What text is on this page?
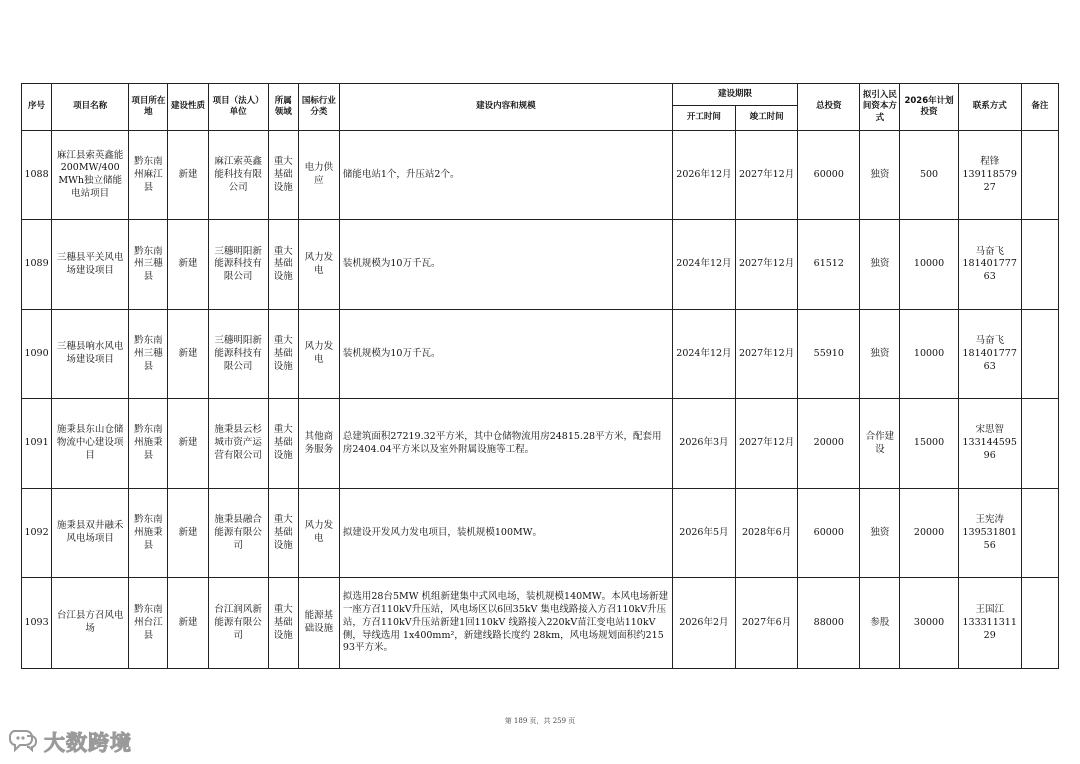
序号	项目名称	项目所在地	建设性质	项目（法人）单位	所属领域	国标行业分类	建设内容和规模	建设期限		总投资	拟引入民间资本方式	2026年计划投资	联系方式	备注
								开工时间	竣工时间					
1088	麻江县索英鑫能200MW/400MWh独立储能电站项目	黔东南州麻江县	新建	麻江索英鑫能科技有限公司	重大基础设施	电力供应	储能电站1个，升压站2个。	2026年12月	2027年12月	60000	独资	500	程锋
13911857927	

1089	三穗县平关风电场建设项目	黔东南州三穗县	新建	三穗明阳新能源科技有限公司	重大基础设施	风力发电	装机规模为10万千瓦。	2024年12月	2027年12月	61512	独资	10000	马奋飞
18140177763	

1090	三穗县响水风电场建设项目	黔东南州三穗县	新建	三穗明阳新能源科技有限公司	重大基础设施	风力发电	装机规模为10万千瓦。	2024年12月	2027年12月	55910	独资	10000	马奋飞
18140177763	

1091	施秉县东山仓储物流中心建设项目	黔东南州施秉县	新建	施秉县云杉城市资产运营有限公司	重大基础设施	其他商务服务	总建筑面积27219.32平方米，其中仓储物流用房24815.28平方米，配套用房2404.04平方米以及室外附属设施等工程。	2026年3月	2027年12月	20000	合作建设	15000	宋思智
13314459596	

1092	施秉县双井融禾风电场项目	黔东南州施秉县	新建	施秉县融合能源有限公司	重大基础设施	风力发电	拟建设开发风力发电项目，装机规模100MW。	2026年5月	2028年6月	60000	独资	20000	王宪涛
13953180156	

1093	台江县方召风电场	黔东南州台江县	新建	台江润风新能源有限公司	重大基础设施	能源基础设施	拟选用28台5MW 机组新建集中式风电场，装机规模140MW。本风电场新建一座方召110kV升压站，风电场区以6回35kV 集电线路接入方召110kV升压站，方召110kV升压站新建1回110kV 线路接入220kV苗江变电站110kV侧，导线选用 1x400mm²，新建线路长度约 28km，风电场规划面积约21593平方米。	2026年2月	2027年6月	88000	参股	30000	王国江
13331131129	

第 189 页，共 259 页
大数跨境
